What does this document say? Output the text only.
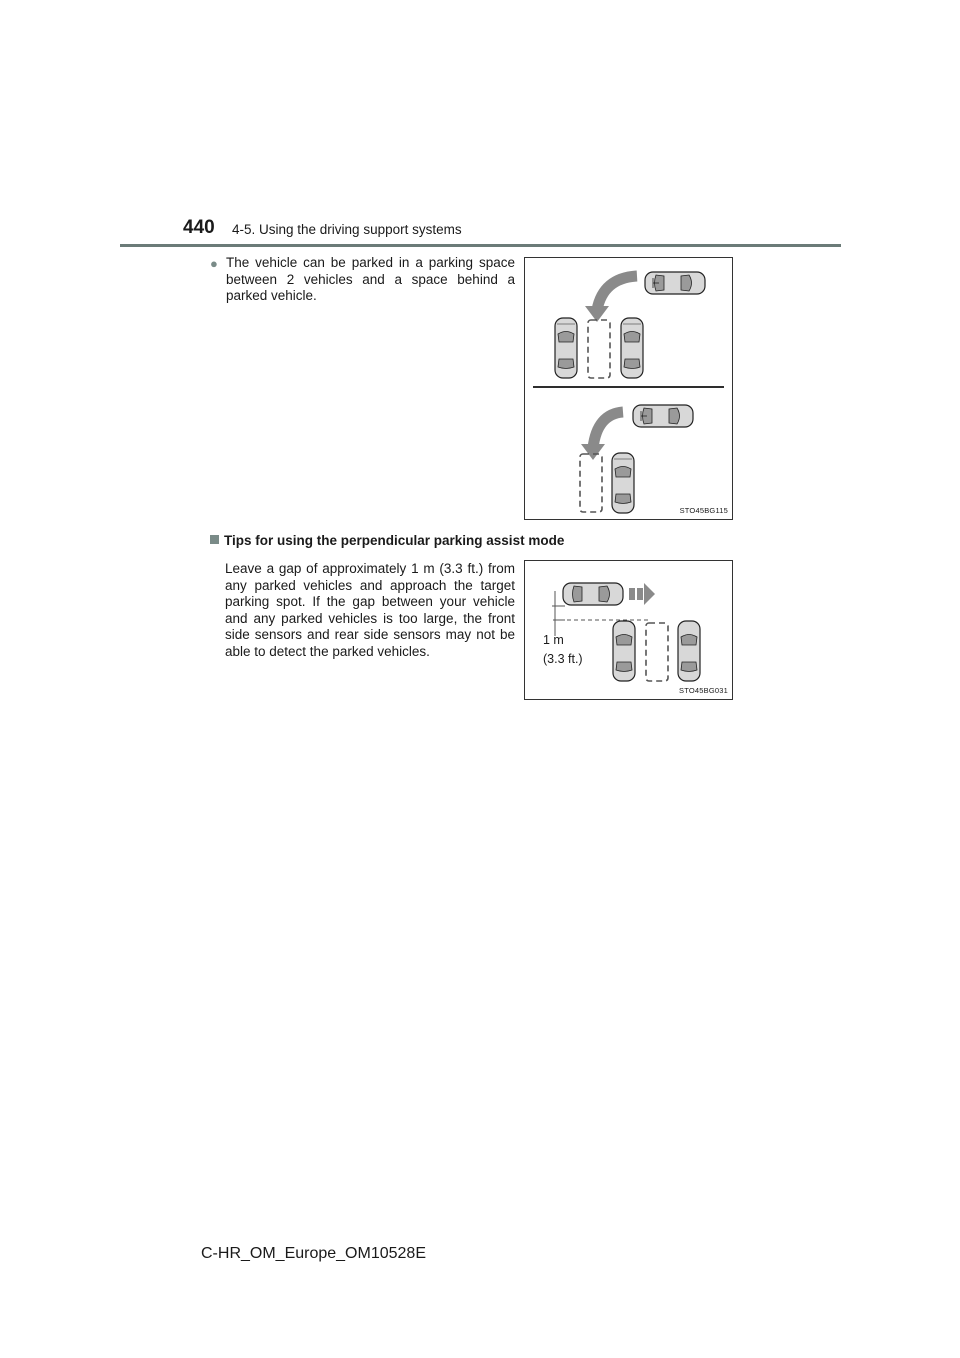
440 4-5. Using the driving support systems
● The vehicle can be parked in a parking space between 2 vehicles and a space behind a parked vehicle.
STO45BG115
Tips for using the perpendicular parking assist mode
Leave a gap of approximately 1 m (3.3 ft.) from any parked vehicles and approach the target parking spot. If the gap between your vehicle and any parked vehicles is too large, the front side sensors and rear side sensors may not be able to detect the parked vehicles.
1 m
(3.3 ft.)
STO45BG031
C-HR_OM_Europe_OM10528E
